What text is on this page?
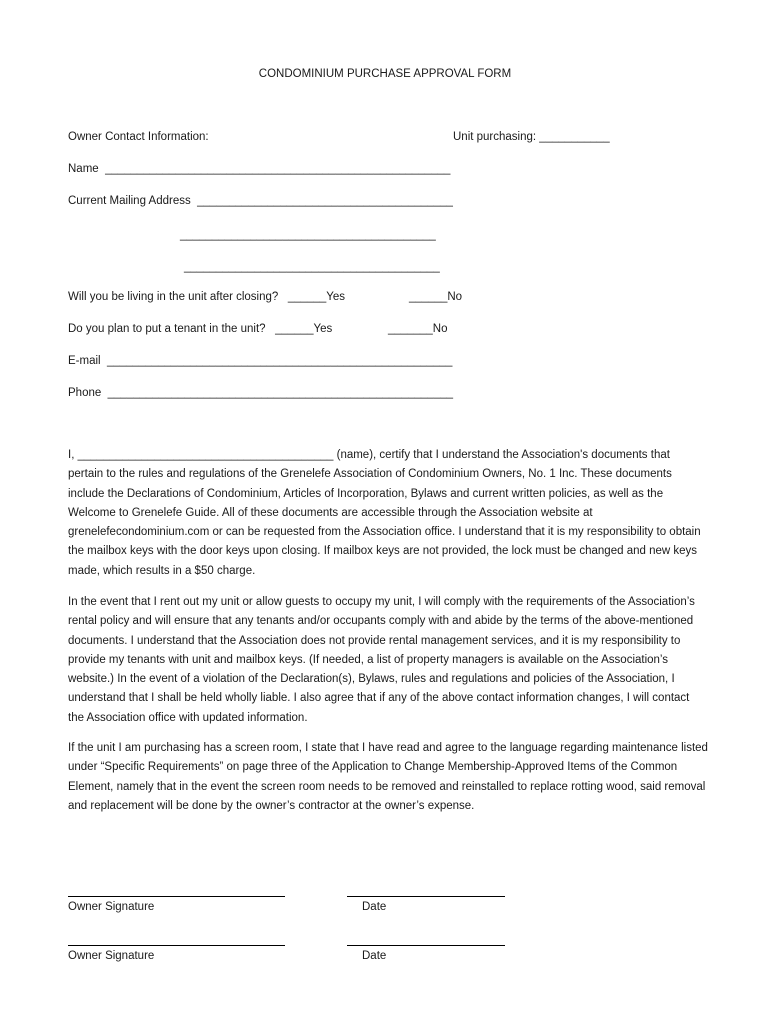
CONDOMINIUM PURCHASE APPROVAL FORM
Owner Contact Information:	Unit purchasing: ___________
Name  ______________________________________________________
Current Mailing Address  ________________________________________
________________________________________
________________________________________
Will you be living in the unit after closing?   ______Yes	______No
Do you plan to put a tenant in the unit?   ______Yes	_______No
E-mail  ______________________________________________________
Phone  ______________________________________________________

I, ________________________________________ (name), certify that I understand the Association's documents that pertain to the rules and regulations of the Grenelefe Association of Condominium Owners, No. 1 Inc. These documents include the Declarations of Condominium, Articles of Incorporation, Bylaws and current written policies, as well as the Welcome to Grenelefe Guide. All of these documents are accessible through the Association website at grenelefecondominium.com or can be requested from the Association office. I understand that it is my responsibility to obtain the mailbox keys with the door keys upon closing. If mailbox keys are not provided, the lock must be changed and new keys made, which results in a $50 charge.

In the event that I rent out my unit or allow guests to occupy my unit, I will comply with the requirements of the Association’s rental policy and will ensure that any tenants and/or occupants comply with and abide by the terms of the above-mentioned documents. I understand that the Association does not provide rental management services, and it is my responsibility to provide my tenants with unit and mailbox keys. (If needed, a list of property managers is available on the Association’s website.) In the event of a violation of the Declaration(s), Bylaws, rules and regulations and policies of the Association, I understand that I shall be held wholly liable. I also agree that if any of the above contact information changes, I will contact the Association office with updated information.

If the unit I am purchasing has a screen room, I state that I have read and agree to the language regarding maintenance listed under “Specific Requirements” on page three of the Application to Change Membership-Approved Items of the Common Element, namely that in the event the screen room needs to be removed and reinstalled to replace rotting wood, said removal and replacement will be done by the owner’s contractor at the owner’s expense.

Owner Signature	Date
Owner Signature	Date
